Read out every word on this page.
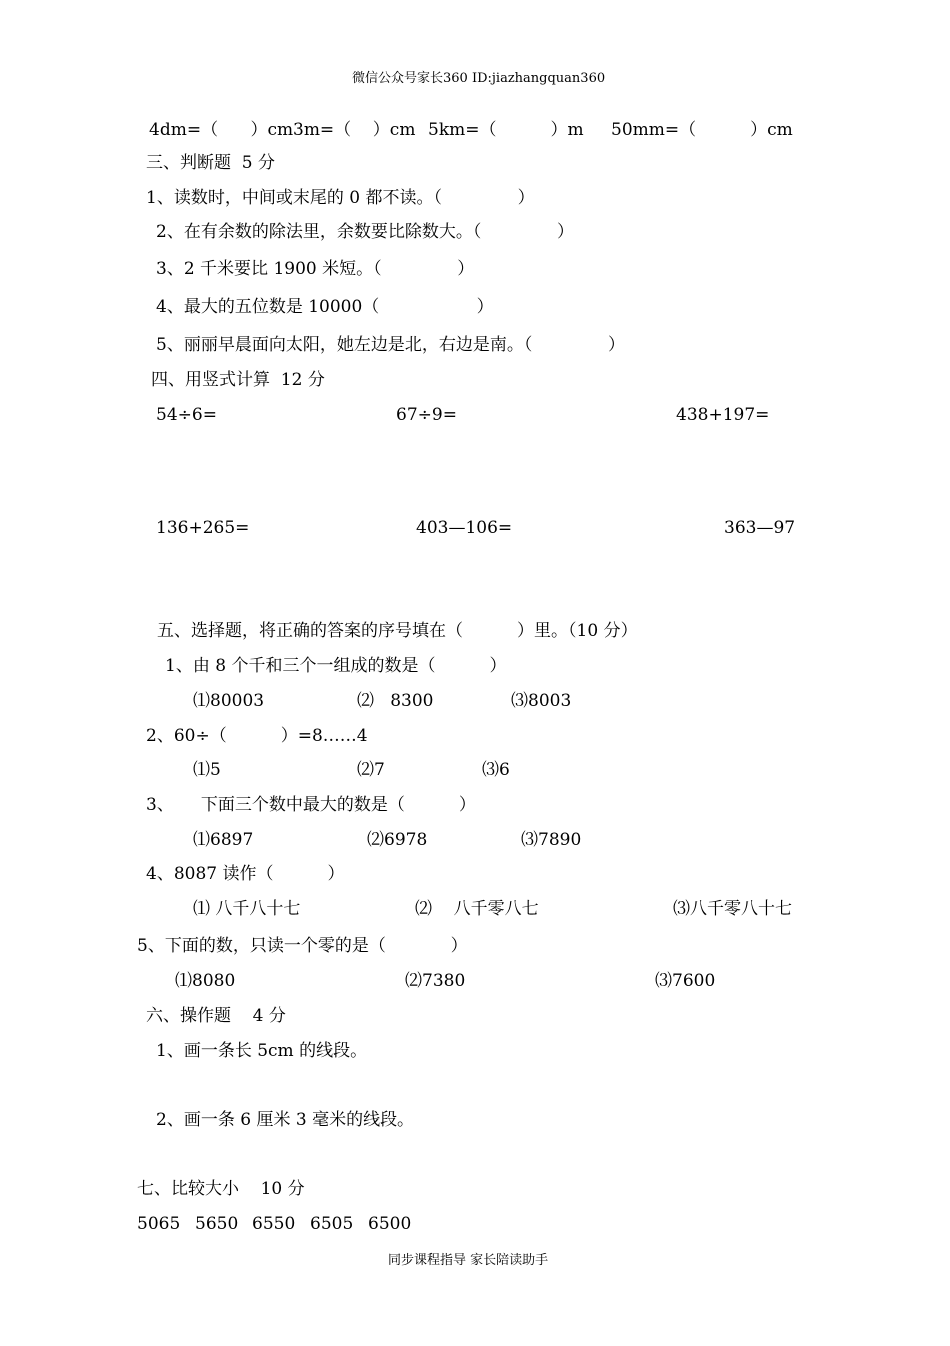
微信公众号家长360 ID:jiazhangquan360
4dm=（      ）cm 3m=（    ）cm 5km=（          ）m 50mm=（          ）cm
三、判断题  5 分
1、读数时，中间或末尾的 0 都不读。（              ）
2、在有余数的除法里，余数要比除数大。（              ）
3、2 千米要比 1900 米短。（              ）
4、最大的五位数是 10000（                  ）
5、丽丽早晨面向太阳，她左边是北，右边是南。（              ）
四、用竖式计算  12 分
54÷6=	67÷9=	438+197=
136+265=	403—106=	363—97
五、选择题，将正确的答案的序号填在（          ）里。（10 分）
1、由 8 个千和三个一组成的数是（          ）
⑴80003	⑵   8300	⑶8003
2、60÷（          ）=8……4
⑴5	⑵7	⑶6
3、     下面三个数中最大的数是（          ）
⑴6897	⑵6978	⑶7890
4、8087 读作（          ）
⑴ 八千八十七	⑵    八千零八七	⑶八千零八十七
5、下面的数，只读一个零的是（            ）
⑴8080	⑵7380	⑶7600
六、操作题    4 分
1、画一条长 5cm 的线段。
2、画一条 6 厘米 3 毫米的线段。
七、比较大小    10 分
5065 5650 6550 6505 6500
同步课程指导 家长陪读助手
